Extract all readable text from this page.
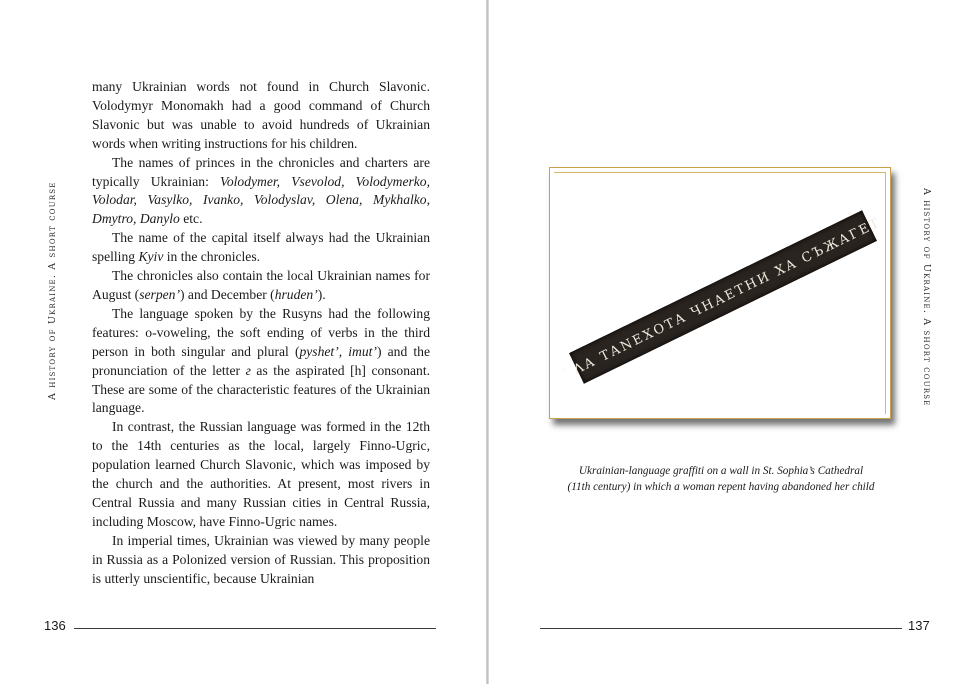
A history of Ukraine. A short course

many Ukrainian words not found in Church Slavonic. Volodymyr Monomakh had a good command of Church Slavonic but was unable to avoid hundreds of Ukrainian words when writing instructions for his children.

The names of princes in the chronicles and charters are typically Ukrainian: Volodymer, Vsevolod, Volodymerko, Volodar, Vasylko, Ivanko, Volodyslav, Olena, Mykhalko, Dmytro, Danylo etc.

The name of the capital itself always had the Ukrainian spelling Kyiv in the chronicles.

The chronicles also contain the local Ukrainian names for August (serpen’) and December (hruden’).

The language spoken by the Rusyns had the following features: o-voweling, the soft ending of verbs in the third person in both singular and plural (pyshet’, imut’) and the pronunciation of the letter г as the aspirated [h] consonant. These are some of the characteristic features of the Ukrainian language.

In contrast, the Russian language was formed in the 12th to the 14th centuries as the local, largely Finno-Ugric, population learned Church Slavonic, which was imposed by the church and the authorities. At present, most rivers in Central Russia and many Russian cities in Central Russia, including Moscow, have Finno-Ugric names.

In imperial times, Ukrainian was viewed by many people in Russia as a Polonized version of Russian. This proposition is utterly unscientific, because Ukrainian

136
ꙶ ΛΑ ТΑΝΕХОТΑ ЧНАЕТНИ ΧΑ СЪЖΑГЕТ
Ukrainian-language graffiti on a wall in St. Sophia’s Cathedral
(11th century) in which a woman repent having abandoned her child
A history of Ukraine. A short course
137
